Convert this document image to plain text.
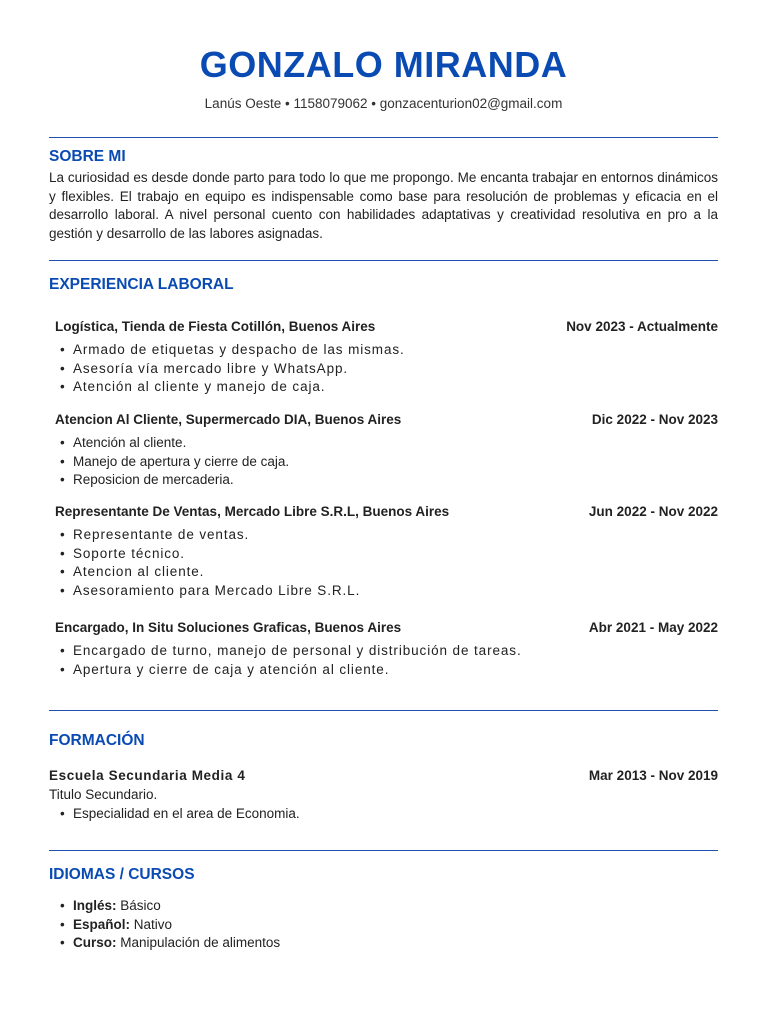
GONZALO MIRANDA
Lanús Oeste • 1158079062 • gonzacenturion02@gmail.com
SOBRE MI

La curiosidad es desde donde parto para todo lo que me propongo. Me encanta trabajar en entornos dinámicos y flexibles. El trabajo en equipo es indispensable como base para resolución de problemas y eficacia en el desarrollo laboral. A nivel personal cuento con habilidades adaptativas y creatividad resolutiva en pro a la gestión y desarrollo de las labores asignadas.

EXPERIENCIA LABORAL
Logística, Tienda de Fiesta Cotillón, Buenos Aires	Nov 2023 - Actualmente
• Armado de etiquetas y despacho de las mismas.
• Asesoría vía mercado libre y WhatsApp.
• Atención al cliente y manejo de caja.
Atencion Al Cliente, Supermercado DIA, Buenos Aires	Dic 2022 - Nov 2023
• Atención al cliente.
• Manejo de apertura y cierre de caja.
• Reposicion de mercaderia.
Representante De Ventas, Mercado Libre S.R.L, Buenos Aires	Jun 2022 - Nov 2022
• Representante de ventas.
• Soporte técnico.
• Atencion al cliente.
• Asesoramiento para Mercado Libre S.R.L.
Encargado, In Situ Soluciones Graficas, Buenos Aires	Abr 2021 - May 2022
• Encargado de turno, manejo de personal y distribución de tareas.
• Apertura y cierre de caja y atención al cliente.
FORMACIÓN
Escuela Secundaria Media 4	Mar 2013 - Nov 2019
Titulo Secundario.
• Especialidad en el area de Economia.
IDIOMAS / CURSOS
• Inglés: Básico
• Español: Nativo
• Curso: Manipulación de alimentos
